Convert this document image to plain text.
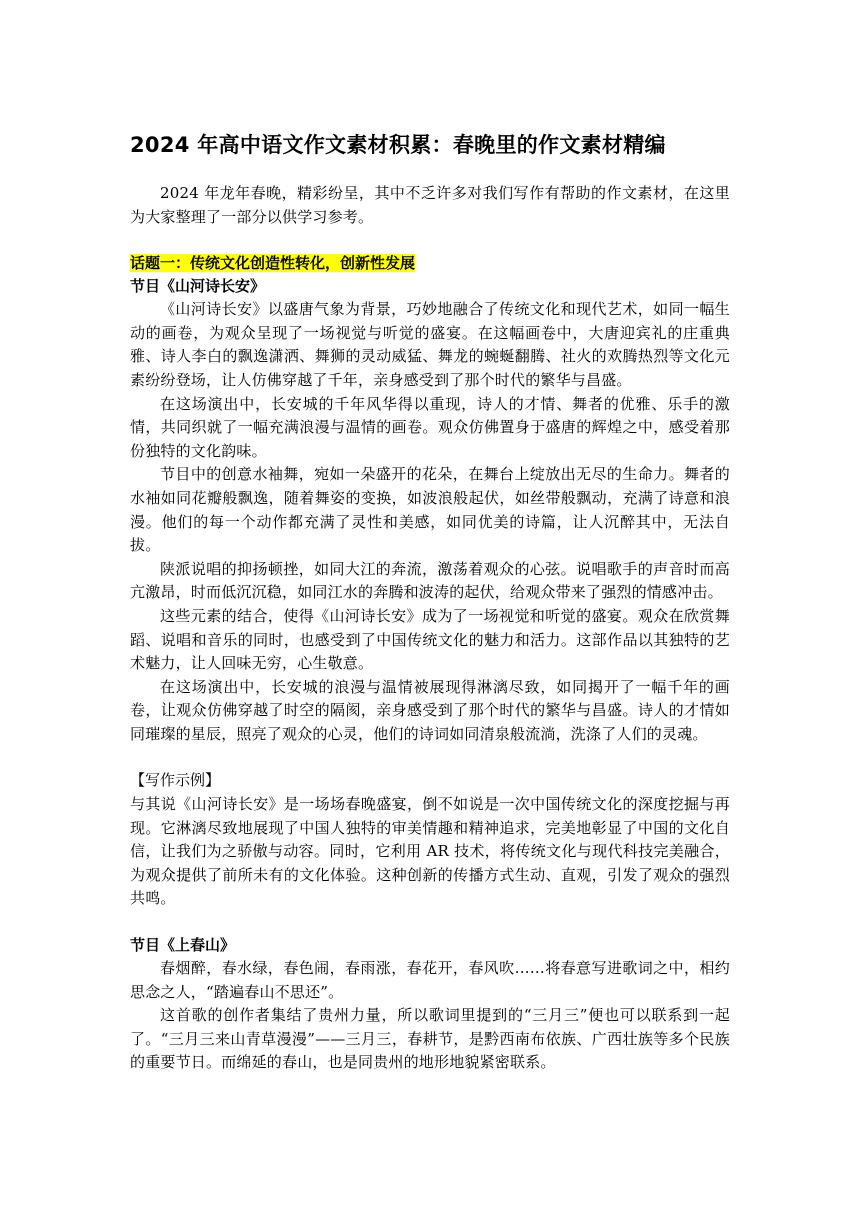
2024 年高中语文作文素材积累：春晚里的作文素材精编

2024 年龙年春晚，精彩纷呈，其中不乏许多对我们写作有帮助的作文素材，在这里为大家整理了一部分以供学习参考。

话题一：传统文化创造性转化，创新性发展
节目《山河诗长安》

《山河诗长安》以盛唐气象为背景，巧妙地融合了传统文化和现代艺术，如同一幅生动的画卷，为观众呈现了一场视觉与听觉的盛宴。在这幅画卷中，大唐迎宾礼的庄重典雅、诗人李白的飘逸潇洒、舞狮的灵动威猛、舞龙的蜿蜒翻腾、社火的欢腾热烈等文化元素纷纷登场，让人仿佛穿越了千年，亲身感受到了那个时代的繁华与昌盛。

在这场演出中，长安城的千年风华得以重现，诗人的才情、舞者的优雅、乐手的激情，共同织就了一幅充满浪漫与温情的画卷。观众仿佛置身于盛唐的辉煌之中，感受着那份独特的文化韵味。

节目中的创意水袖舞，宛如一朵盛开的花朵，在舞台上绽放出无尽的生命力。舞者的水袖如同花瓣般飘逸，随着舞姿的变换，如波浪般起伏，如丝带般飘动，充满了诗意和浪漫。他们的每一个动作都充满了灵性和美感，如同优美的诗篇，让人沉醉其中，无法自拔。

陕派说唱的抑扬顿挫，如同大江的奔流，激荡着观众的心弦。说唱歌手的声音时而高亢激昂，时而低沉沉稳，如同江水的奔腾和波涛的起伏，给观众带来了强烈的情感冲击。

这些元素的结合，使得《山河诗长安》成为了一场视觉和听觉的盛宴。观众在欣赏舞蹈、说唱和音乐的同时，也感受到了中国传统文化的魅力和活力。这部作品以其独特的艺术魅力，让人回味无穷，心生敬意。

在这场演出中，长安城的浪漫与温情被展现得淋漓尽致，如同揭开了一幅千年的画卷，让观众仿佛穿越了时空的隔阂，亲身感受到了那个时代的繁华与昌盛。诗人的才情如同璀璨的星辰，照亮了观众的心灵，他们的诗词如同清泉般流淌，洗涤了人们的灵魂。

【写作示例】

与其说《山河诗长安》是一场场春晚盛宴，倒不如说是一次中国传统文化的深度挖掘与再现。它淋漓尽致地展现了中国人独特的审美情趣和精神追求，完美地彰显了中国的文化自信，让我们为之骄傲与动容。同时，它利用 AR 技术，将传统文化与现代科技完美融合，为观众提供了前所未有的文化体验。这种创新的传播方式生动、直观，引发了观众的强烈共鸣。

节目《上春山》

春烟醉，春水绿，春色闹，春雨涨，春花开，春风吹……将春意写进歌词之中，相约思念之人，“踏遍春山不思还”。

这首歌的创作者集结了贵州力量，所以歌词里提到的“三月三”便也可以联系到一起了。“三月三来山青草漫漫”——三月三，春耕节，是黔西南布依族、广西壮族等多个民族的重要节日。而绵延的春山，也是同贵州的地形地貌紧密联系。
